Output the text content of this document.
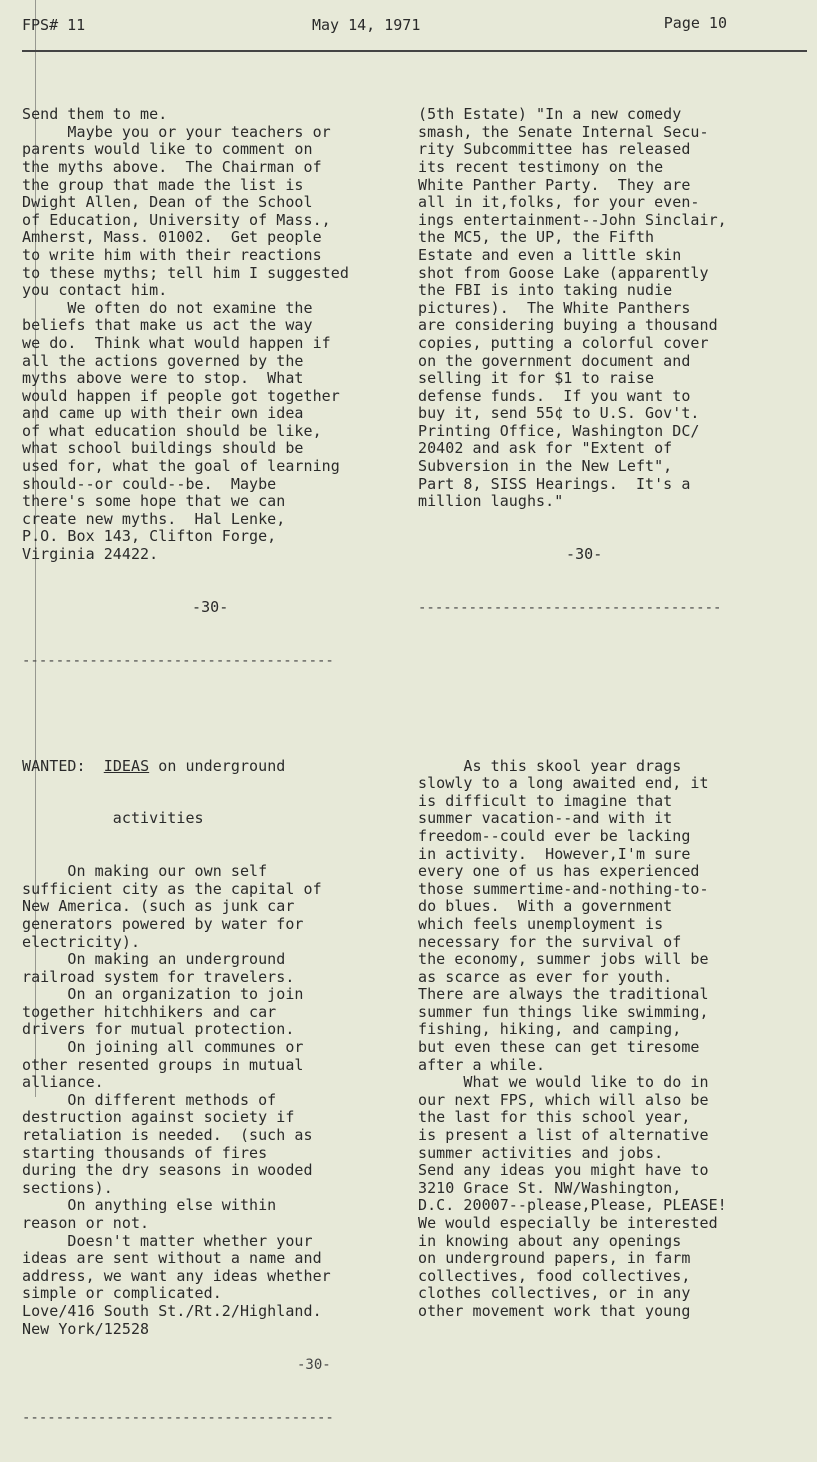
FPS# 11	May 14, 1971	Page 10

Send them to me.
Maybe you or your teachers or
parents would like to comment on
the myths above.  The Chairman of
the group that made the list is
Dwight Allen, Dean of the School
of Education, University of Mass.,
Amherst, Mass. 01002.  Get people
to write him with their reactions
to these myths; tell him I suggested
you contact him.
We often do not examine the
beliefs that make us act the way
we do.  Think what would happen if
all the actions governed by the
myths above were to stop.  What
would happen if people got together
and came up with their own idea
of what education should be like,
what school buildings should be
used for, what the goal of learning
should--or could--be.  Maybe
there's some hope that we can
create new myths.  Hal Lenke,
P.O. Box 143, Clifton Forge,
Virginia 24422.

-30-

-------------------------------------

WANTED: IDEAS on underground

activities

On making our own self
sufficient city as the capital of
New America. (such as junk car
generators powered by water for
electricity).
On making an underground
railroad system for travelers.
On an organization to join
together hitchhikers and car
drivers for mutual protection.
On joining all communes or
other resented groups in mutual
alliance.
On different methods of
destruction against society if
retaliation is needed.  (such as
starting thousands of fires
during the dry seasons in wooded
sections).
On anything else within
reason or not.
Doesn't matter whether your
ideas are sent without a name and
address, we want any ideas whether
simple or complicated.
Love/416 South St./Rt.2/Highland.
New York/12528

-30-

-------------------------------------

(5th Estate) "In a new comedy
smash, the Senate Internal Secu-
rity Subcommittee has released
its recent testimony on the
White Panther Party.  They are
all in it,folks, for your even-
ings entertainment--John Sinclair,
the MC5, the UP, the Fifth
Estate and even a little skin
shot from Goose Lake (apparently
the FBI is into taking nudie
pictures).  The White Panthers
are considering buying a thousand
copies, putting a colorful cover
on the government document and
selling it for $1 to raise
defense funds.  If you want to
buy it, send 55¢ to U.S. Gov't.
Printing Office, Washington DC/
20402 and ask for "Extent of
Subversion in the New Left",
Part 8, SISS Hearings.  It's a
million laughs."

-30-

------------------------------------

As this skool year drags
slowly to a long awaited end, it
is difficult to imagine that
summer vacation--and with it
freedom--could ever be lacking
in activity.  However,I'm sure
every one of us has experienced
those summertime-and-nothing-to-
do blues.  With a government
which feels unemployment is
necessary for the survival of
the economy, summer jobs will be
as scarce as ever for youth.
There are always the traditional
summer fun things like swimming,
fishing, hiking, and camping,
but even these can get tiresome
after a while.
What we would like to do in
our next FPS, which will also be
the last for this school year,
is present a list of alternative
summer activities and jobs.
Send any ideas you might have to
3210 Grace St. NW/Washington,
D.C. 20007--please,Please, PLEASE!
We would especially be interested
in knowing about any openings
on underground papers, in farm
collectives, food collectives,
clothes collectives, or in any
other movement work that young
